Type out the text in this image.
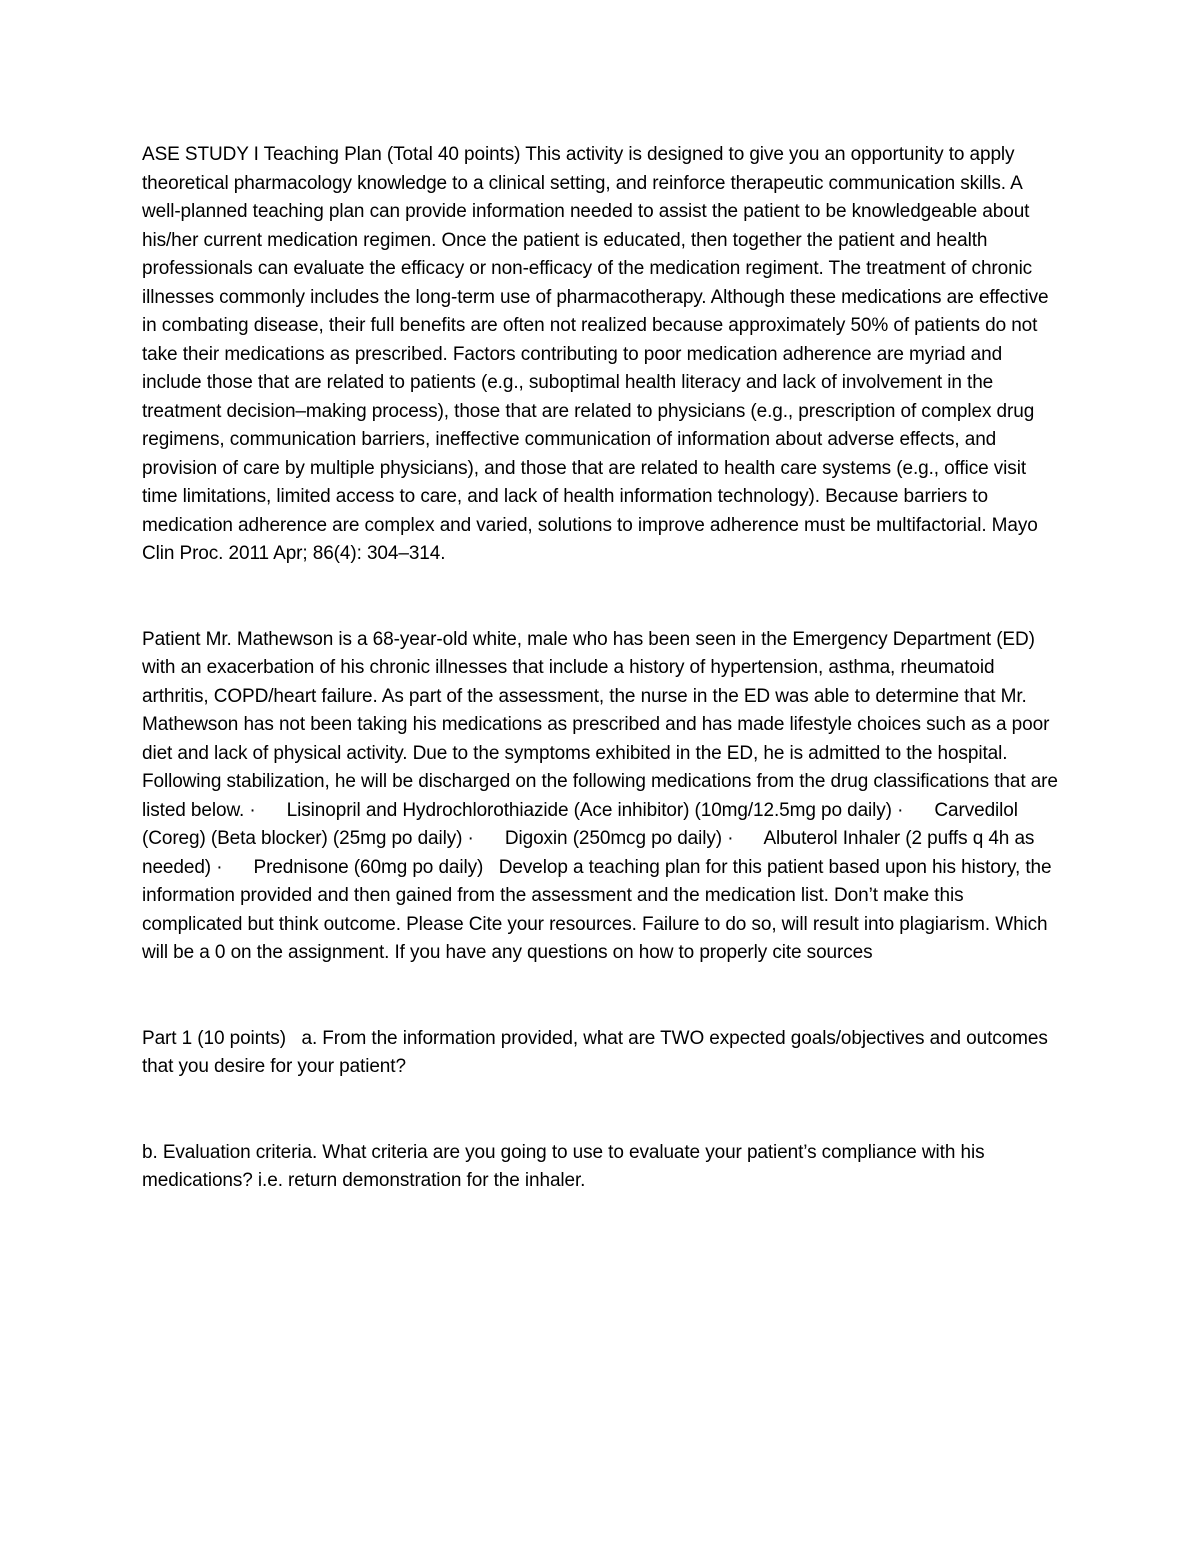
ASE STUDY I Teaching Plan (Total 40 points) This activity is designed to give you an opportunity to apply theoretical pharmacology knowledge to a clinical setting, and reinforce therapeutic communication skills. A well-planned teaching plan can provide information needed to assist the patient to be knowledgeable about his/her current medication regimen. Once the patient is educated, then together the patient and health professionals can evaluate the efficacy or non-efficacy of the medication regiment. The treatment of chronic illnesses commonly includes the long-term use of pharmacotherapy. Although these medications are effective in combating disease, their full benefits are often not realized because approximately 50% of patients do not take their medications as prescribed. Factors contributing to poor medication adherence are myriad and include those that are related to patients (e.g., suboptimal health literacy and lack of involvement in the treatment decision–making process), those that are related to physicians (e.g., prescription of complex drug regimens, communication barriers, ineffective communication of information about adverse effects, and provision of care by multiple physicians), and those that are related to health care systems (e.g., office visit time limitations, limited access to care, and lack of health information technology). Because barriers to medication adherence are complex and varied, solutions to improve adherence must be multifactorial. Mayo Clin Proc. 2011 Apr; 86(4): 304–314.

Patient Mr. Mathewson is a 68-year-old white, male who has been seen in the Emergency Department (ED) with an exacerbation of his chronic illnesses that include a history of hypertension, asthma, rheumatoid arthritis, COPD/heart failure. As part of the assessment, the nurse in the ED was able to determine that Mr. Mathewson has not been taking his medications as prescribed and has made lifestyle choices such as a poor diet and lack of physical activity. Due to the symptoms exhibited in the ED, he is admitted to the hospital. Following stabilization, he will be discharged on the following medications from the drug classifications that are listed below. ·      Lisinopril and Hydrochlorothiazide (Ace inhibitor) (10mg/12.5mg po daily) ·      Carvedilol (Coreg) (Beta blocker) (25mg po daily) ·      Digoxin (250mcg po daily) ·      Albuterol Inhaler (2 puffs q 4h as needed) ·      Prednisone (60mg po daily)   Develop a teaching plan for this patient based upon his history, the information provided and then gained from the assessment and the medication list. Don’t make this complicated but think outcome. Please Cite your resources. Failure to do so, will result into plagiarism. Which will be a 0 on the assignment. If you have any questions on how to properly cite sources

Part 1 (10 points)   a. From the information provided, what are TWO expected goals/objectives and outcomes that you desire for your patient?

b. Evaluation criteria. What criteria are you going to use to evaluate your patient’s compliance with his medications? i.e. return demonstration for the inhaler.
